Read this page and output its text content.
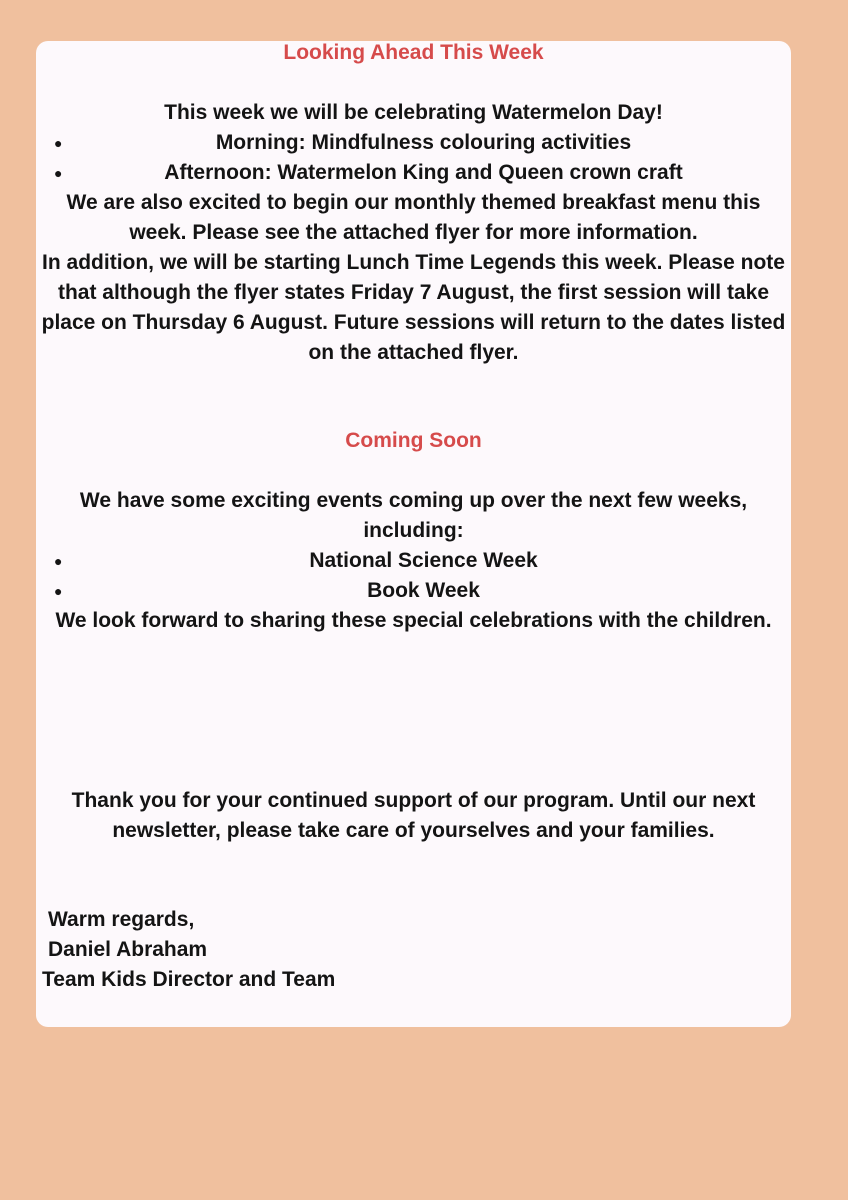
Looking Ahead This Week
This week we will be celebrating Watermelon Day!
●	Morning: Mindfulness colouring activities
●	Afternoon: Watermelon King and Queen crown craft
We are also excited to begin our monthly themed breakfast menu this week. Please see the attached flyer for more information.
In addition, we will be starting Lunch Time Legends this week. Please note that although the flyer states Friday 7 August, the first session will take place on Thursday 6 August. Future sessions will return to the dates listed on the attached flyer.
Coming Soon
We have some exciting events coming up over the next few weeks, including:
●	National Science Week
●	Book Week
We look forward to sharing these special celebrations with the children.
Thank you for your continued support of our program. Until our next newsletter, please take care of yourselves and your families.
Warm regards,
Daniel Abraham
Team Kids Director and Team
